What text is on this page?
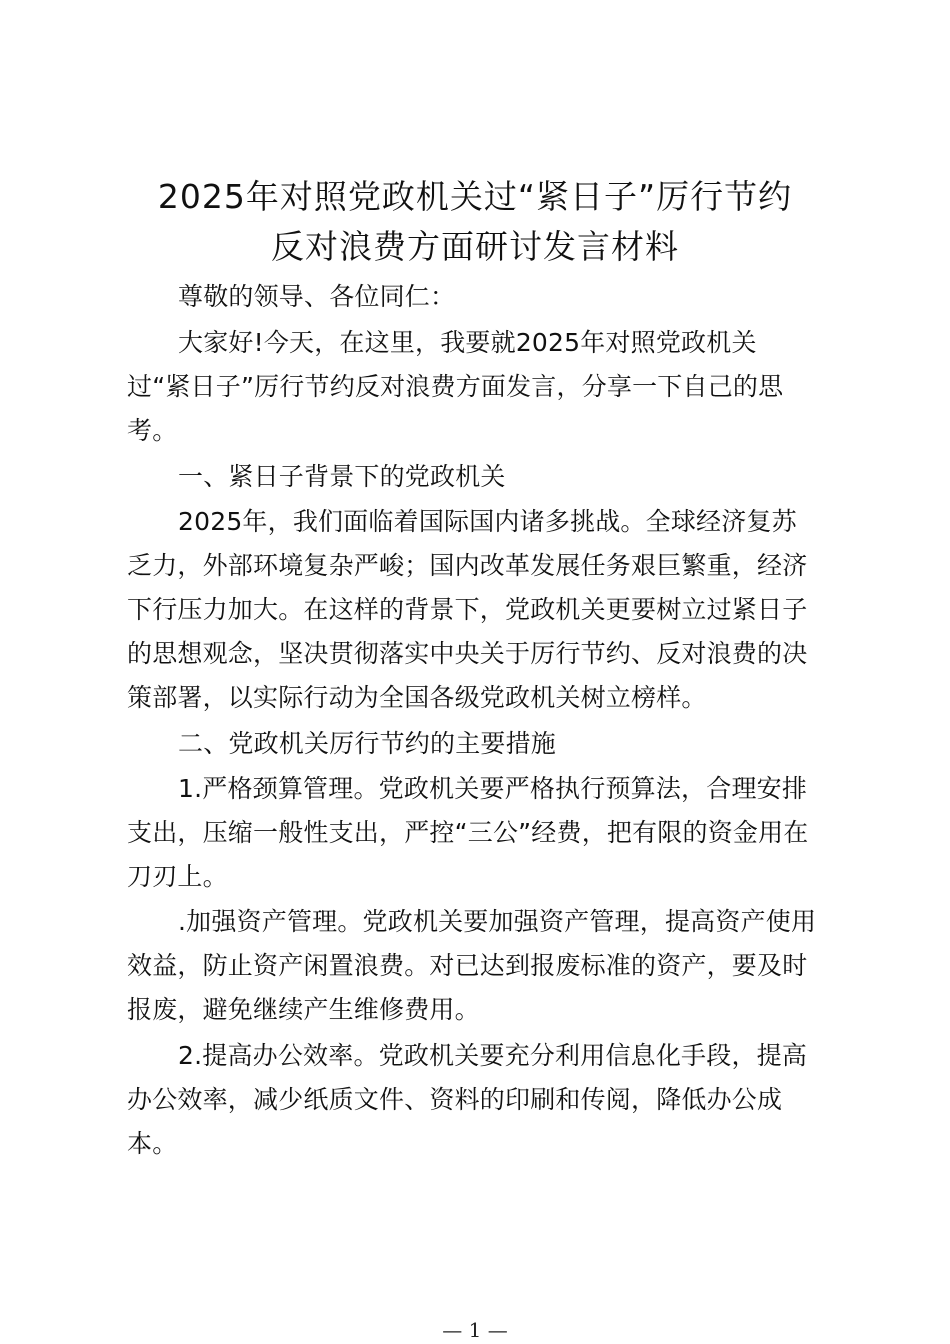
2025年对照党政机关过“紧日子”厉行节约
反对浪费方面研讨发言材料
尊敬的领导、各位同仁：
大家好!今天，在这里，我要就2025年对照党政机关
过“紧日子”厉行节约反对浪费方面发言，分享一下自己的思
考。
一、紧日子背景下的党政机关
2025年，我们面临着国际国内诸多挑战。全球经济复苏
乏力，外部环境复杂严峻；国内改革发展任务艰巨繁重，经济
下行压力加大。在这样的背景下，党政机关更要树立过紧日子
的思想观念，坚决贯彻落实中央关于厉行节约、反对浪费的决
策部署，以实际行动为全国各级党政机关树立榜样。
二、党政机关厉行节约的主要措施
1.严格颈算管理。党政机关要严格执行预算法，合理安排
支出，压缩一般性支出，严控“三公”经费，把有限的资金用在
刀刃上。
.加强资产管理。党政机关要加强资产管理，提高资产使用
效益，防止资产闲置浪费。对已达到报废标准的资产，要及时
报废，避免继续产生维修费用。
2.提高办公效率。党政机关要充分利用信息化手段，提高
办公效率，减少纸质文件、资料的印刷和传阅，降低办公成
本。
— 1 —
